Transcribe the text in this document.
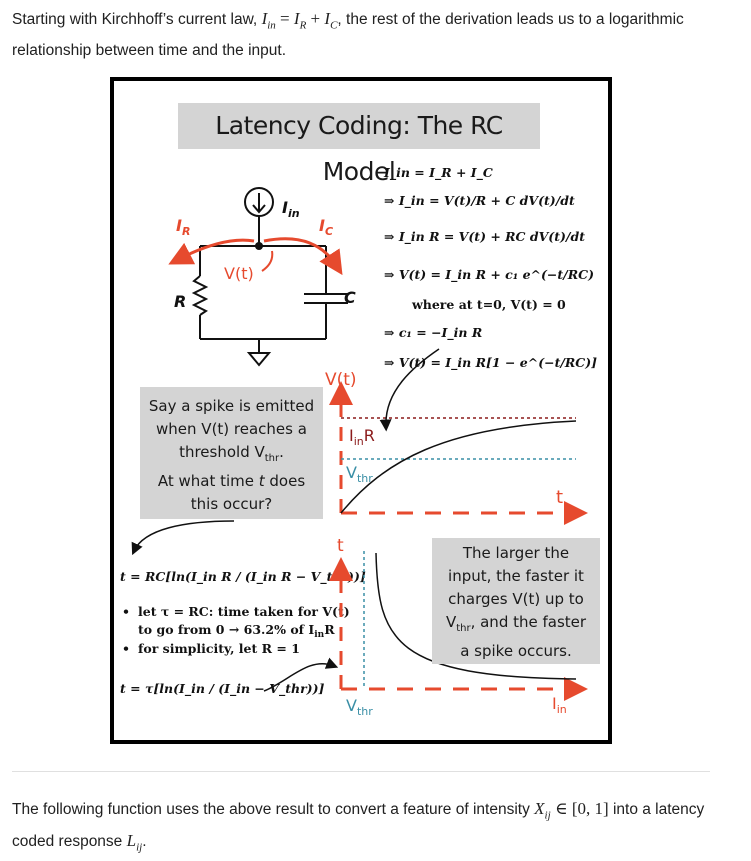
Starting with Kirchhoff’s current law, $I_{in} = I_R + I_C$, the rest of the derivation leads us to a logarithmic relationship between time and the input.
Latency Coding: The RC Model
$I_{in}$
$I_R$	$I_C$
V(t)
R	C
I_in = I_R + I_C
⇒ I_in = V(t)/R + C dV(t)/dt
⇒ I_in R = V(t) + RC dV(t)/dt
⇒ V(t) = I_in R + c₁ e^(−t/RC)
where at t=0, V(t) = 0
⇒ c₁ = −I_in R
⇒ V(t) = I_in R[1 − e^(−t/RC)]
V(t)
$I_{in}R$
$V_{thr}$
t
t = RC[ln(I_in R / (I_in R − V_thr))]
• let τ = RC: time taken for V(t)
to go from 0 → 63.2% of $I_{in}R$
• for simplicity, let R = 1
t = τ[ln(I_in / (I_in − V_thr))]
t
$V_{thr}$	$I_{in}$
Say a spike is emitted
when V(t) reaches a
threshold $V_{thr}$.
At what time t does
this occur?
The larger the
input, the faster it
charges V(t) up to
$V_{thr}$, and the faster
a spike occurs.
The following function uses the above result to convert a feature of intensity $X_{ij}$ ∈ [0, 1] into a latency coded response $L_{ij}$.
